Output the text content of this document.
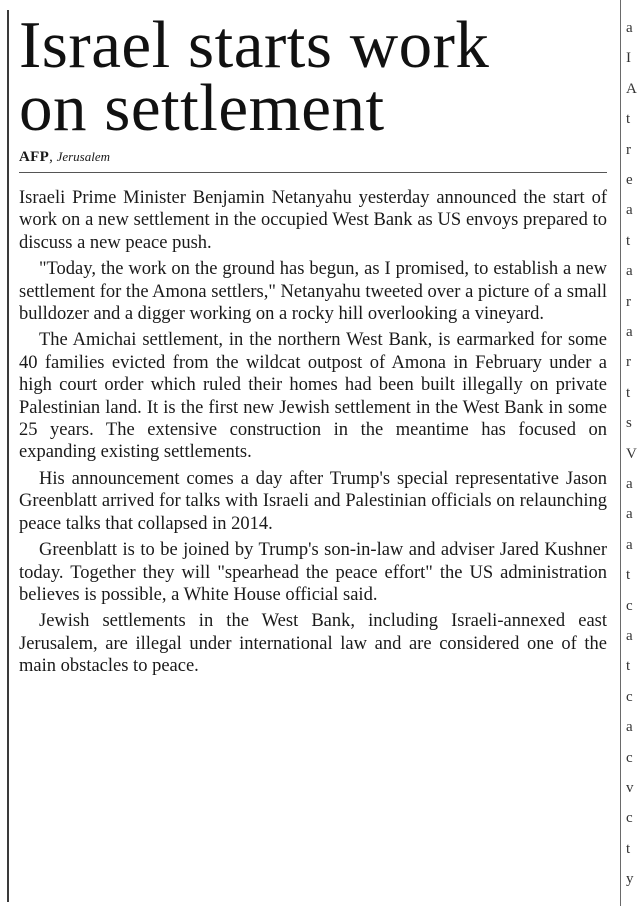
Israel starts work
on settlement
AFP, Jerusalem

Israeli Prime Minister Benjamin Netanyahu yesterday announced the start of work on a new settlement in the occupied West Bank as US envoys prepared to discuss a new peace push.

"Today, the work on the ground has begun, as I promised, to establish a new settlement for the Amona settlers," Netanyahu tweeted over a picture of a small bulldozer and a digger working on a rocky hill overlooking a vineyard.

The Amichai settlement, in the northern West Bank, is earmarked for some 40 families evicted from the wildcat outpost of Amona in February under a high court order which ruled their homes had been built illegally on private Palestinian land. It is the first new Jewish settlement in the West Bank in some 25 years. The extensive construction in the meantime has focused on expanding existing settlements.

His announcement comes a day after Trump's special representative Jason Greenblatt arrived for talks with Israeli and Palestinian officials on relaunching peace talks that collapsed in 2014.

Greenblatt is to be joined by Trump's son-in-law and adviser Jared Kushner today. Together they will "spearhead the peace effort" the US administration believes is possible, a White House official said.

Jewish settlements in the West Bank, including Israeli-annexed east Jerusalem, are illegal under international law and are considered one of the main obstacles to peace.

a
I
A
t
r
e
a
t
a
r
a
r
t
s
V
a
a
a
t
c
a
t
c
a
c
v
c
t
y
